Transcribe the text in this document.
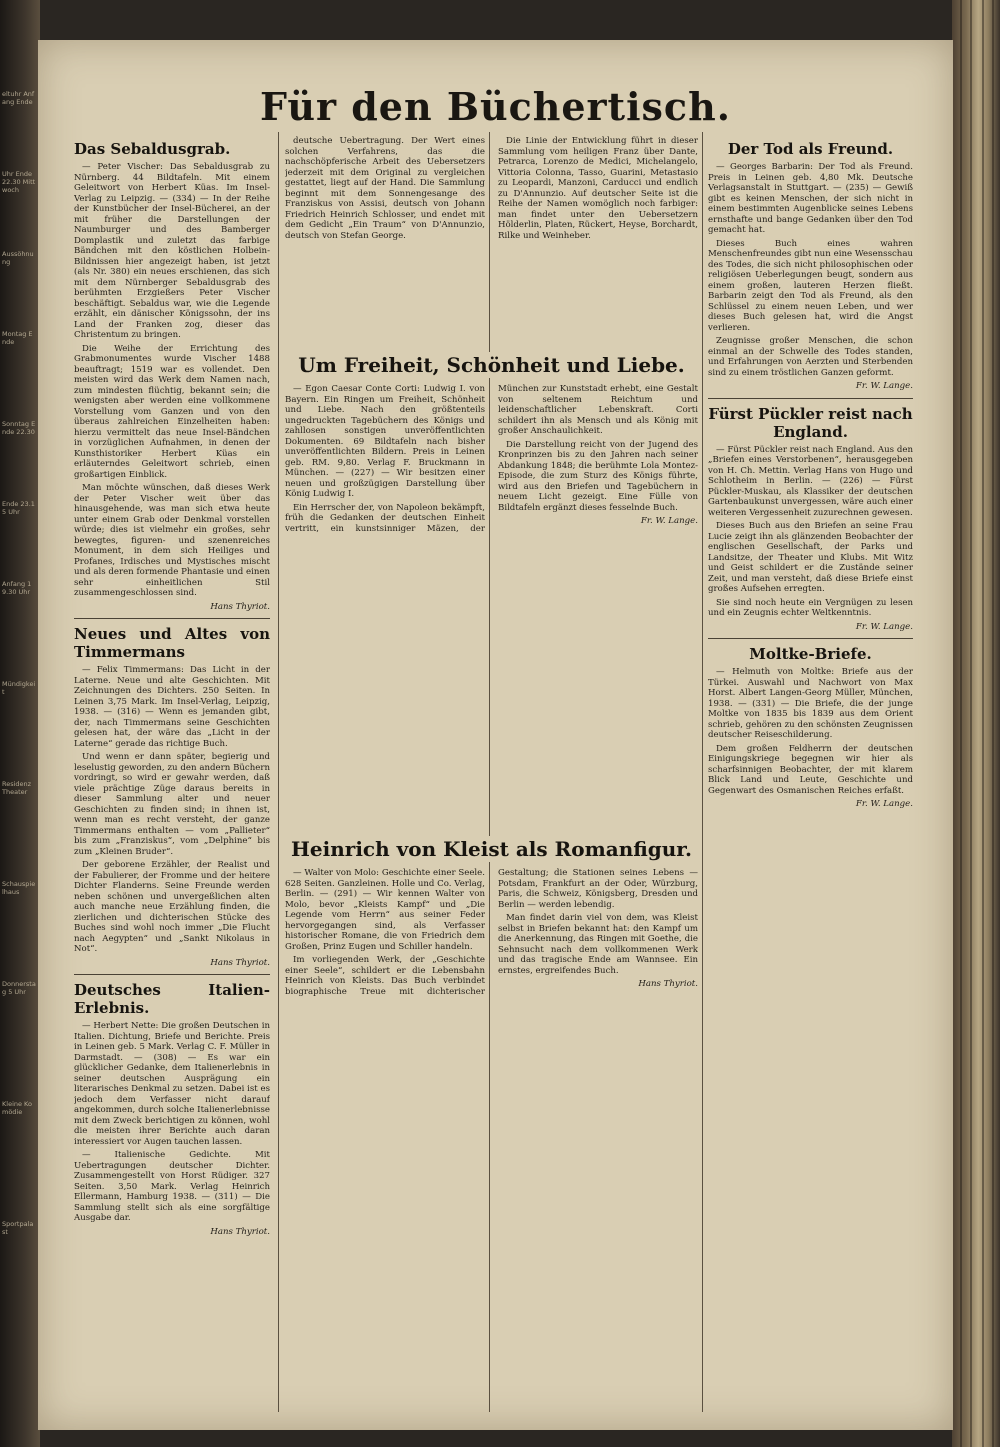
eltuhr Anfang Ende
Uhr Ende 22.30 Mittwoch
Aussöhnung
Montag Ende
Sonntag Ende 22.30
Ende 23.15 Uhr
Anfang 19.30 Uhr
Mündigkeit
Residenz Theater
Schauspielhaus
Donnerstag 5 Uhr
Kleine Komödie
Sportpalast
Für den Büchertisch.
Das Sebaldusgrab.

— Peter Vischer: Das Sebaldusgrab zu Nürnberg. 44 Bildtafeln. Mit einem Geleitwort von Herbert Küas. Im Insel-Verlag zu Leipzig. — (334) — In der Reihe der Kunstbücher der Insel-Bücherei, an der mit früher die Darstellungen der Naumburger und des Bamberger Domplastik und zuletzt das farbige Bändchen mit den köstlichen Holbein-Bildnissen hier angezeigt haben, ist jetzt (als Nr. 380) ein neues erschienen, das sich mit dem Nürnberger Sebaldusgrab des berühmten Erzgießers Peter Vischer beschäftigt. Sebaldus war, wie die Legende erzählt, ein dänischer Königssohn, der ins Land der Franken zog, dieser das Christentum zu bringen.

Die Weihe der Errichtung des Grabmonumentes wurde Vischer 1488 beauftragt; 1519 war es vollendet. Den meisten wird das Werk dem Namen nach, zum mindesten flüchtig, bekannt sein; die wenigsten aber werden eine vollkommene Vorstellung vom Ganzen und von den überaus zahlreichen Einzelheiten haben: hierzu vermittelt das neue Insel-Bändchen in vorzüglichen Aufnahmen, in denen der Kunsthistoriker Herbert Küas ein erläuterndes Geleitwort schrieb, einen großartigen Einblick.

Man möchte wünschen, daß dieses Werk der Peter Vischer weit über das hinausgehende, was man sich etwa heute unter einem Grab oder Denkmal vorstellen würde; dies ist vielmehr ein großes, sehr bewegtes, figuren- und szenenreiches Monument, in dem sich Heiliges und Profanes, Irdisches und Mystisches mischt und als deren formende Phantasie und einen sehr einheitlichen Stil zusammengeschlossen sind.

Hans Thyriot.
Neues und Altes von Timmermans

— Felix Timmermans: Das Licht in der Laterne. Neue und alte Geschichten. Mit Zeichnungen des Dichters. 250 Seiten. In Leinen 3,75 Mark. Im Insel-Verlag, Leipzig, 1938. — (316) — Wenn es jemanden gibt, der, nach Timmermans seine Geschichten gelesen hat, der wäre das „Licht in der Laterne“ gerade das richtige Buch.

Und wenn er dann später, begierig und leselustig geworden, zu den andern Büchern vordringt, so wird er gewahr werden, daß viele prächtige Züge daraus bereits in dieser Sammlung alter und neuer Geschichten zu finden sind; in ihnen ist, wenn man es recht versteht, der ganze Timmermans enthalten — vom „Pallieter“ bis zum „Franziskus“, vom „Delphine“ bis zum „Kleinen Bruder“.

Der geborene Erzähler, der Realist und der Fabulierer, der Fromme und der heitere Dichter Flanderns. Seine Freunde werden neben schönen und unvergeßlichen alten auch manche neue Erzählung finden, die zierlichen und dichterischen Stücke des Buches sind wohl noch immer „Die Flucht nach Aegypten“ und „Sankt Nikolaus in Not“.

Hans Thyriot.
Deutsches Italien-Erlebnis.

— Herbert Nette: Die großen Deutschen in Italien. Dichtung, Briefe und Berichte. Preis in Leinen geb. 5 Mark. Verlag C. F. Müller in Darmstadt. — (308) — Es war ein glücklicher Gedanke, dem Italienerlebnis in seiner deutschen Ausprägung ein literarisches Denkmal zu setzen. Dabei ist es jedoch dem Verfasser nicht darauf angekommen, durch solche Italienerlebnisse mit dem Zweck berichtigen zu können, wohl die meisten ihrer Berichte auch daran interessiert vor Augen tauchen lassen.

— Italienische Gedichte. Mit Uebertragungen deutscher Dichter. Zusammengestellt von Horst Rüdiger. 327 Seiten. 3,50 Mark. Verlag Heinrich Ellermann, Hamburg 1938. — (311) — Die Sammlung stellt sich als eine sorgfältige Ausgabe dar.

Hans Thyriot.

deutsche Uebertragung. Der Wert eines solchen Verfahrens, das die nachschöpferische Arbeit des Uebersetzers jederzeit mit dem Original zu vergleichen gestattet, liegt auf der Hand. Die Sammlung beginnt mit dem Sonnengesange des Franziskus von Assisi, deutsch von Johann Friedrich Heinrich Schlosser, und endet mit dem Gedicht „Ein Traum“ von D'Annunzio, deutsch von Stefan George.

Die Linie der Entwicklung führt in dieser Sammlung vom heiligen Franz über Dante, Petrarca, Lorenzo de Medici, Michelangelo, Vittoria Colonna, Tasso, Guarini, Metastasio zu Leopardi, Manzoni, Carducci und endlich zu D'Annunzio. Auf deutscher Seite ist die Reihe der Namen womöglich noch farbiger: man findet unter den Uebersetzern Hölderlin, Platen, Rückert, Heyse, Borchardt, Rilke und Weinheber.

Um Freiheit, Schönheit und Liebe.

— Egon Caesar Conte Corti: Ludwig I. von Bayern. Ein Ringen um Freiheit, Schönheit und Liebe. Nach den größtenteils ungedruckten Tagebüchern des Königs und zahllosen sonstigen unveröffentlichten Dokumenten. 69 Bildtafeln nach bisher unveröffentlichten Bildern. Preis in Leinen geb. RM. 9,80. Verlag F. Bruckmann in München. — (227) — Wir besitzen einer neuen und großzügigen Darstellung über König Ludwig I.

Ein Herrscher der, von Napoleon bekämpft, früh die Gedanken der deutschen Einheit vertritt, ein kunstsinniger Mäzen, der München zur Kunststadt erhebt, eine Gestalt von seltenem Reichtum und leidenschaftlicher Lebenskraft. Corti schildert ihn als Mensch und als König mit großer Anschaulichkeit.

Die Darstellung reicht von der Jugend des Kronprinzen bis zu den Jahren nach seiner Abdankung 1848; die berühmte Lola Montez-Episode, die zum Sturz des Königs führte, wird aus den Briefen und Tagebüchern in neuem Licht gezeigt. Eine Fülle von Bildtafeln ergänzt dieses fesselnde Buch.

Fr. W. Lange.
Heinrich von Kleist als Romanfigur.

— Walter von Molo: Geschichte einer Seele. 628 Seiten. Ganzleinen. Holle und Co. Verlag, Berlin. — (291) — Wir kennen Walter von Molo, bevor „Kleists Kampf“ und „Die Legende vom Herrn“ aus seiner Feder hervorgegangen sind, als Verfasser historischer Romane, die von Friedrich dem Großen, Prinz Eugen und Schiller handeln.

Im vorliegenden Werk, der „Geschichte einer Seele“, schildert er die Lebensbahn Heinrich von Kleists. Das Buch verbindet biographische Treue mit dichterischer Gestaltung; die Stationen seines Lebens — Potsdam, Frankfurt an der Oder, Würzburg, Paris, die Schweiz, Königsberg, Dresden und Berlin — werden lebendig.

Man findet darin viel von dem, was Kleist selbst in Briefen bekannt hat: den Kampf um die Anerkennung, das Ringen mit Goethe, die Sehnsucht nach dem vollkommenen Werk und das tragische Ende am Wannsee. Ein ernstes, ergreifendes Buch.

Hans Thyriot.
Der Tod als Freund.

— Georges Barbarin: Der Tod als Freund. Preis in Leinen geb. 4,80 Mk. Deutsche Verlagsanstalt in Stuttgart. — (235) — Gewiß gibt es keinen Menschen, der sich nicht in einem bestimmten Augenblicke seines Lebens ernsthafte und bange Gedanken über den Tod gemacht hat.

Dieses Buch eines wahren Menschenfreundes gibt nun eine Wesensschau des Todes, die sich nicht philosophischen oder religiösen Ueberlegungen beugt, sondern aus einem großen, lauteren Herzen fließt. Barbarin zeigt den Tod als Freund, als den Schlüssel zu einem neuen Leben, und wer dieses Buch gelesen hat, wird die Angst verlieren.

Zeugnisse großer Menschen, die schon einmal an der Schwelle des Todes standen, und Erfahrungen von Aerzten und Sterbenden sind zu einem tröstlichen Ganzen geformt.

Fr. W. Lange.
Fürst Pückler reist nach England.

— Fürst Pückler reist nach England. Aus den „Briefen eines Verstorbenen“, herausgegeben von H. Ch. Mettin. Verlag Hans von Hugo und Schlotheim in Berlin. — (226) — Fürst Pückler-Muskau, als Klassiker der deutschen Gartenbaukunst unvergessen, wäre auch einer weiteren Vergessenheit zuzurechnen gewesen.

Dieses Buch aus den Briefen an seine Frau Lucie zeigt ihn als glänzenden Beobachter der englischen Gesellschaft, der Parks und Landsitze, der Theater und Klubs. Mit Witz und Geist schildert er die Zustände seiner Zeit, und man versteht, daß diese Briefe einst großes Aufsehen erregten.

Sie sind noch heute ein Vergnügen zu lesen und ein Zeugnis echter Weltkenntnis.

Fr. W. Lange.
Moltke-Briefe.

— Helmuth von Moltke: Briefe aus der Türkei. Auswahl und Nachwort von Max Horst. Albert Langen-Georg Müller, München, 1938. — (331) — Die Briefe, die der junge Moltke von 1835 bis 1839 aus dem Orient schrieb, gehören zu den schönsten Zeugnissen deutscher Reiseschilderung.

Dem großen Feldherrn der deutschen Einigungskriege begegnen wir hier als scharfsinnigen Beobachter, der mit klarem Blick Land und Leute, Geschichte und Gegenwart des Osmanischen Reiches erfaßt.

Fr. W. Lange.
